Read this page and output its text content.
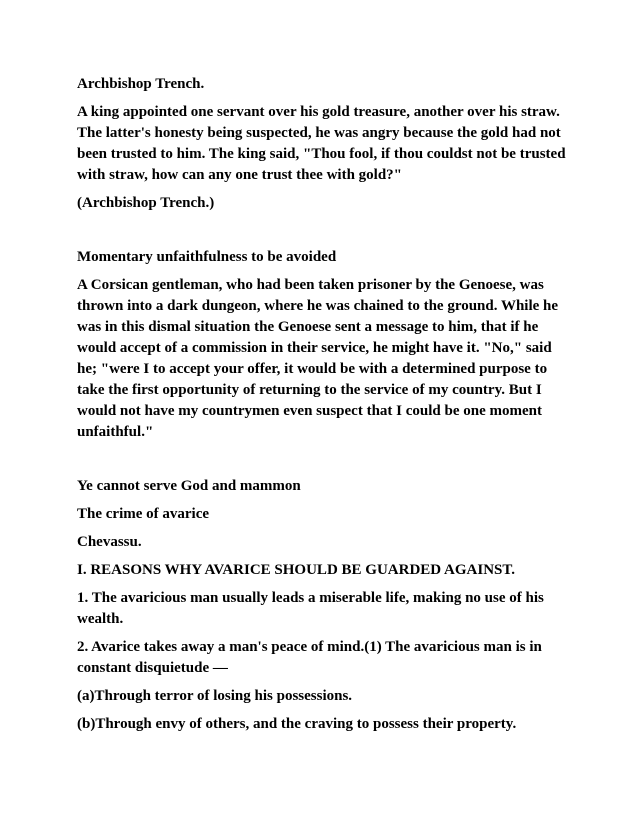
Archbishop Trench.

A king appointed one servant over his gold treasure, another over his straw. The latter's honesty being suspected, he was angry because the gold had not been trusted to him. The king said, "Thou fool, if thou couldst not be trusted with straw, how can any one trust thee with gold?"

(Archbishop Trench.)

Momentary unfaithfulness to be avoided

A Corsican gentleman, who had been taken prisoner by the Genoese, was thrown into a dark dungeon, where he was chained to the ground. While he was in this dismal situation the Genoese sent a message to him, that if he would accept of a commission in their service, he might have it. "No," said he; "were I to accept your offer, it would be with a determined purpose to take the first opportunity of returning to the service of my country. But I would not have my countrymen even suspect that I could be one moment unfaithful."

Ye cannot serve God and mammon

The crime of avarice

Chevassu.

I. REASONS WHY AVARICE SHOULD BE GUARDED AGAINST.

1. The avaricious man usually leads a miserable life, making no use of his wealth.

2. Avarice takes away a man's peace of mind.(1) The avaricious man is in constant disquietude —

(a)Through terror of losing his possessions.

(b)Through envy of others, and the craving to possess their property.
